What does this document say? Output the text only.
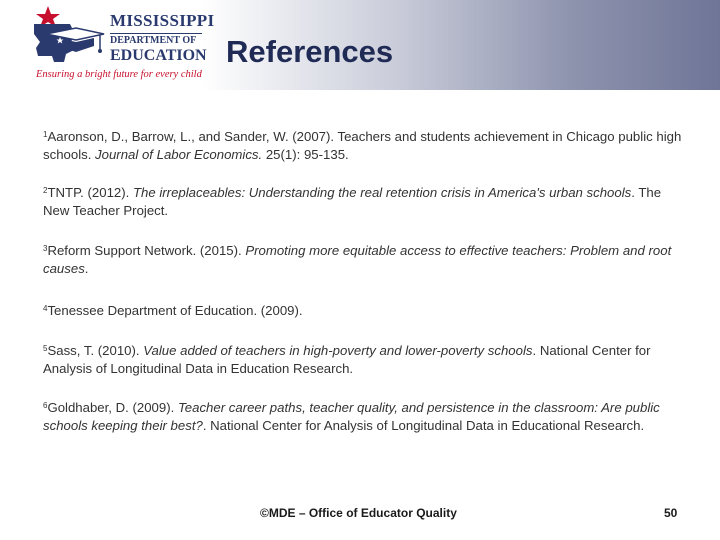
MISSISSIPPI
DEPARTMENT OF
EDUCATION
Ensuring a bright future for every child
References
$^1$Aaronson, D., Barrow, L., and Sander, W. (2007). Teachers and students achievement in Chicago public high schools. Journal of Labor Economics. 25(1): 95-135.
$^2$TNTP. (2012). The irreplaceables: Understanding the real retention crisis in America's urban schools. The New Teacher Project.
$^3$Reform Support Network. (2015). Promoting more equitable access to effective teachers: Problem and root causes.
$^4$Tenessee Department of Education. (2009).
$^5$Sass, T. (2010). Value added of teachers in high-poverty and lower-poverty schools. National Center for Analysis of Longitudinal Data in Education Research.
$^6$Goldhaber, D. (2009). Teacher career paths, teacher quality, and persistence in the classroom: Are public schools keeping their best?. National Center for Analysis of Longitudinal Data in Educational Research.
©MDE – Office of Educator Quality	50
